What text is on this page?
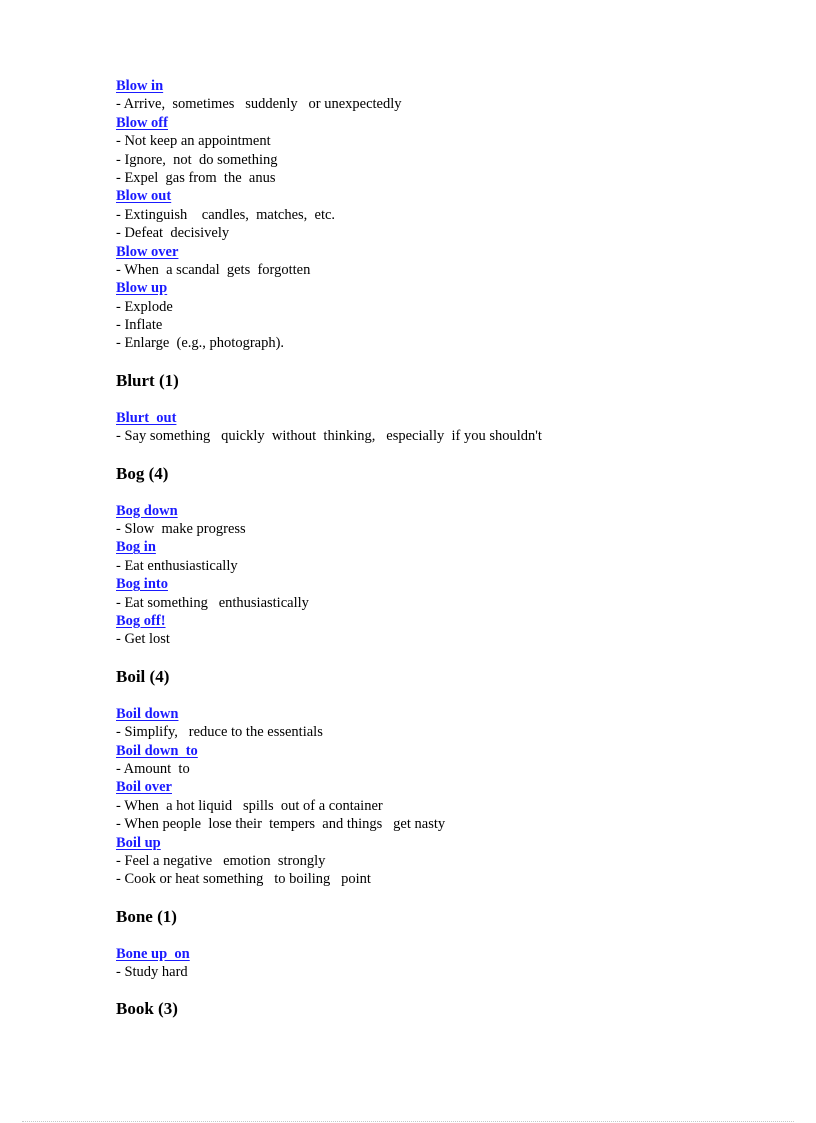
Blow in
- Arrive,  sometimes   suddenly   or unexpectedly
Blow off
- Not keep an appointment
- Ignore,  not  do something
- Expel  gas from  the  anus
Blow out
- Extinguish    candles,  matches,  etc.
- Defeat  decisively
Blow over
- When  a scandal  gets  forgotten
Blow up
- Explode
- Inflate
- Enlarge  (e.g., photograph).
Blurt (1)
Blurt  out
- Say something   quickly  without  thinking,   especially  if you shouldn't
Bog (4)
Bog down
- Slow  make progress
Bog in
- Eat enthusiastically
Bog into
- Eat something   enthusiastically
Bog off!
- Get lost
Boil (4)
Boil down
- Simplify,   reduce to the essentials
Boil down  to
- Amount  to
Boil over
- When  a hot liquid   spills  out of a container
- When people  lose their  tempers  and things   get nasty
Boil up
- Feel a negative   emotion  strongly
- Cook or heat something   to boiling   point
Bone (1)
Bone up  on
- Study hard
Book (3)
